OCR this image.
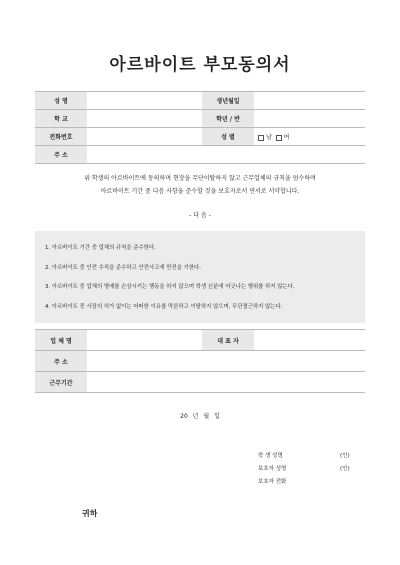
아르바이트 부모동의서
성 명		생년월일	
학 교		학년 / 반	
전화번호		성 별	남 여
주 소			
위 학생의 아르바이트에 동의하며 현장을 무단이탈하지 않고 근무업체의 규칙을 엄수하며
아르바이트 기간 중 다음 사항을 준수할 것을 보호자로서 연서로 서약합니다.
- 다 음 -
1. 아르바이트 기간 중 업체의 규칙을 준수한다.
2. 아르바이트 중 안전 수칙을 준수하고 안전사고에 만전을 기한다.
3. 아르바이트 중 업체의 명예를 손상시키는 행동을 하지 않으며 학생 신분에 어긋나는 행위를 하지 않는다.
4. 아르바이트 중 사장의 허가 없이는 어떠한 이유를 막론하고 이탈하지 않으며, 무단결근하지 않는다.
업 체 명		대 표 자	
주 소			
근무기간			
20 년 월 일
학 생 성명	(인)
보호자 성명	(인)
보호자 전화
귀하
